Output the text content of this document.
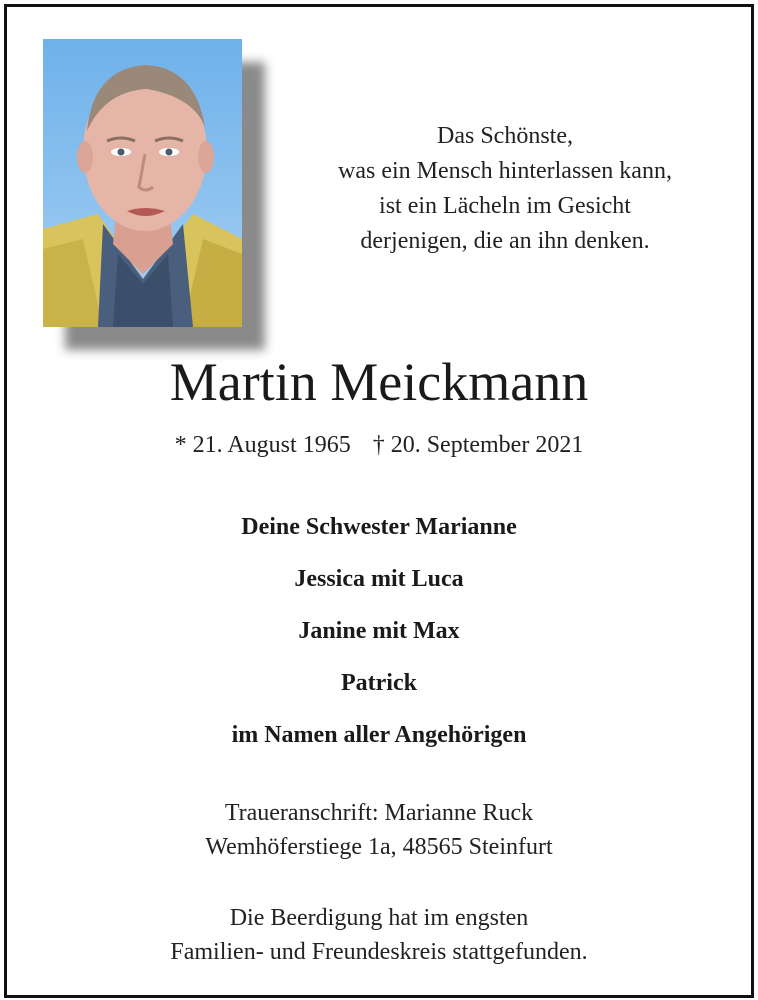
Das Schönste,
was ein Mensch hinterlassen kann,
ist ein Lächeln im Gesicht
derjenigen, die an ihn denken.
Martin Meickmann
* 21. August 1965 † 20. September 2021
Deine Schwester Marianne
Jessica mit Luca
Janine mit Max
Patrick
im Namen aller Angehörigen
Traueranschrift: Marianne Ruck
Wemhöferstiege 1a, 48565 Steinfurt
Die Beerdigung hat im engsten
Familien- und Freundeskreis stattgefunden.
